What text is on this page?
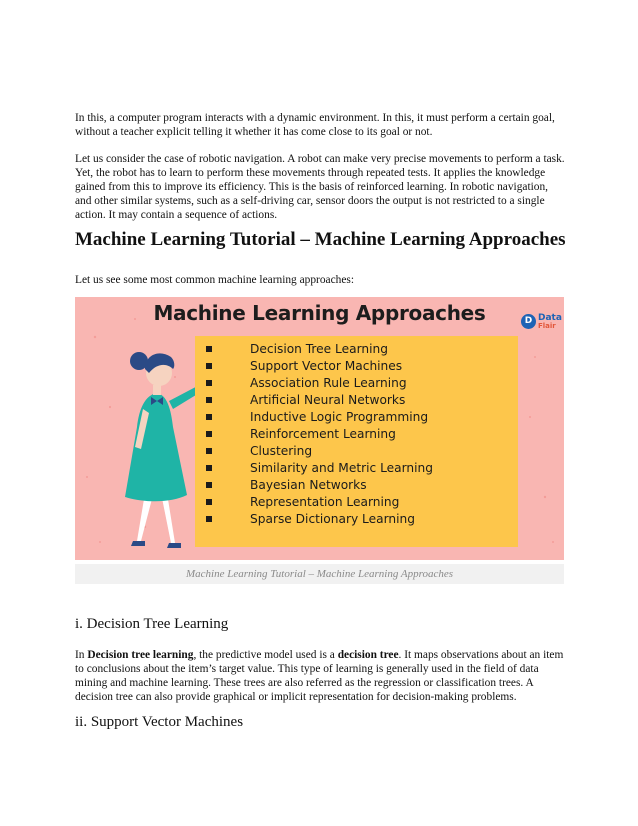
In this, a computer program interacts with a dynamic environment. In this, it must perform a certain goal, without a teacher explicit telling it whether it has come close to its goal or not.

Let us consider the case of robotic navigation. A robot can make very precise movements to perform a task. Yet, the robot has to learn to perform these movements through repeated tests. It applies the knowledge gained from this to improve its efficiency. This is the basis of reinforced learning. In robotic navigation, and other similar systems, such as a self-driving car, sensor doors the output is not restricted to a single action. It may contain a sequence of actions.

Machine Learning Tutorial – Machine Learning Approaches

Let us see some most common machine learning approaches:

Machine Learning Approaches	D Data
Flair
Decision Tree Learning
Support Vector Machines
Association Rule Learning
Artificial Neural Networks
Inductive Logic Programming
Reinforcement Learning
Clustering
Similarity and Metric Learning
Bayesian Networks
Representation Learning
Sparse Dictionary Learning
Machine Learning Tutorial – Machine Learning Approaches
i. Decision Tree Learning

In Decision tree learning, the predictive model used is a decision tree. It maps observations about an item to conclusions about the item’s target value. This type of learning is generally used in the field of data mining and machine learning. These trees are also referred as the regression or classification trees. A decision tree can also provide graphical or implicit representation for decision-making problems.

ii. Support Vector Machines
